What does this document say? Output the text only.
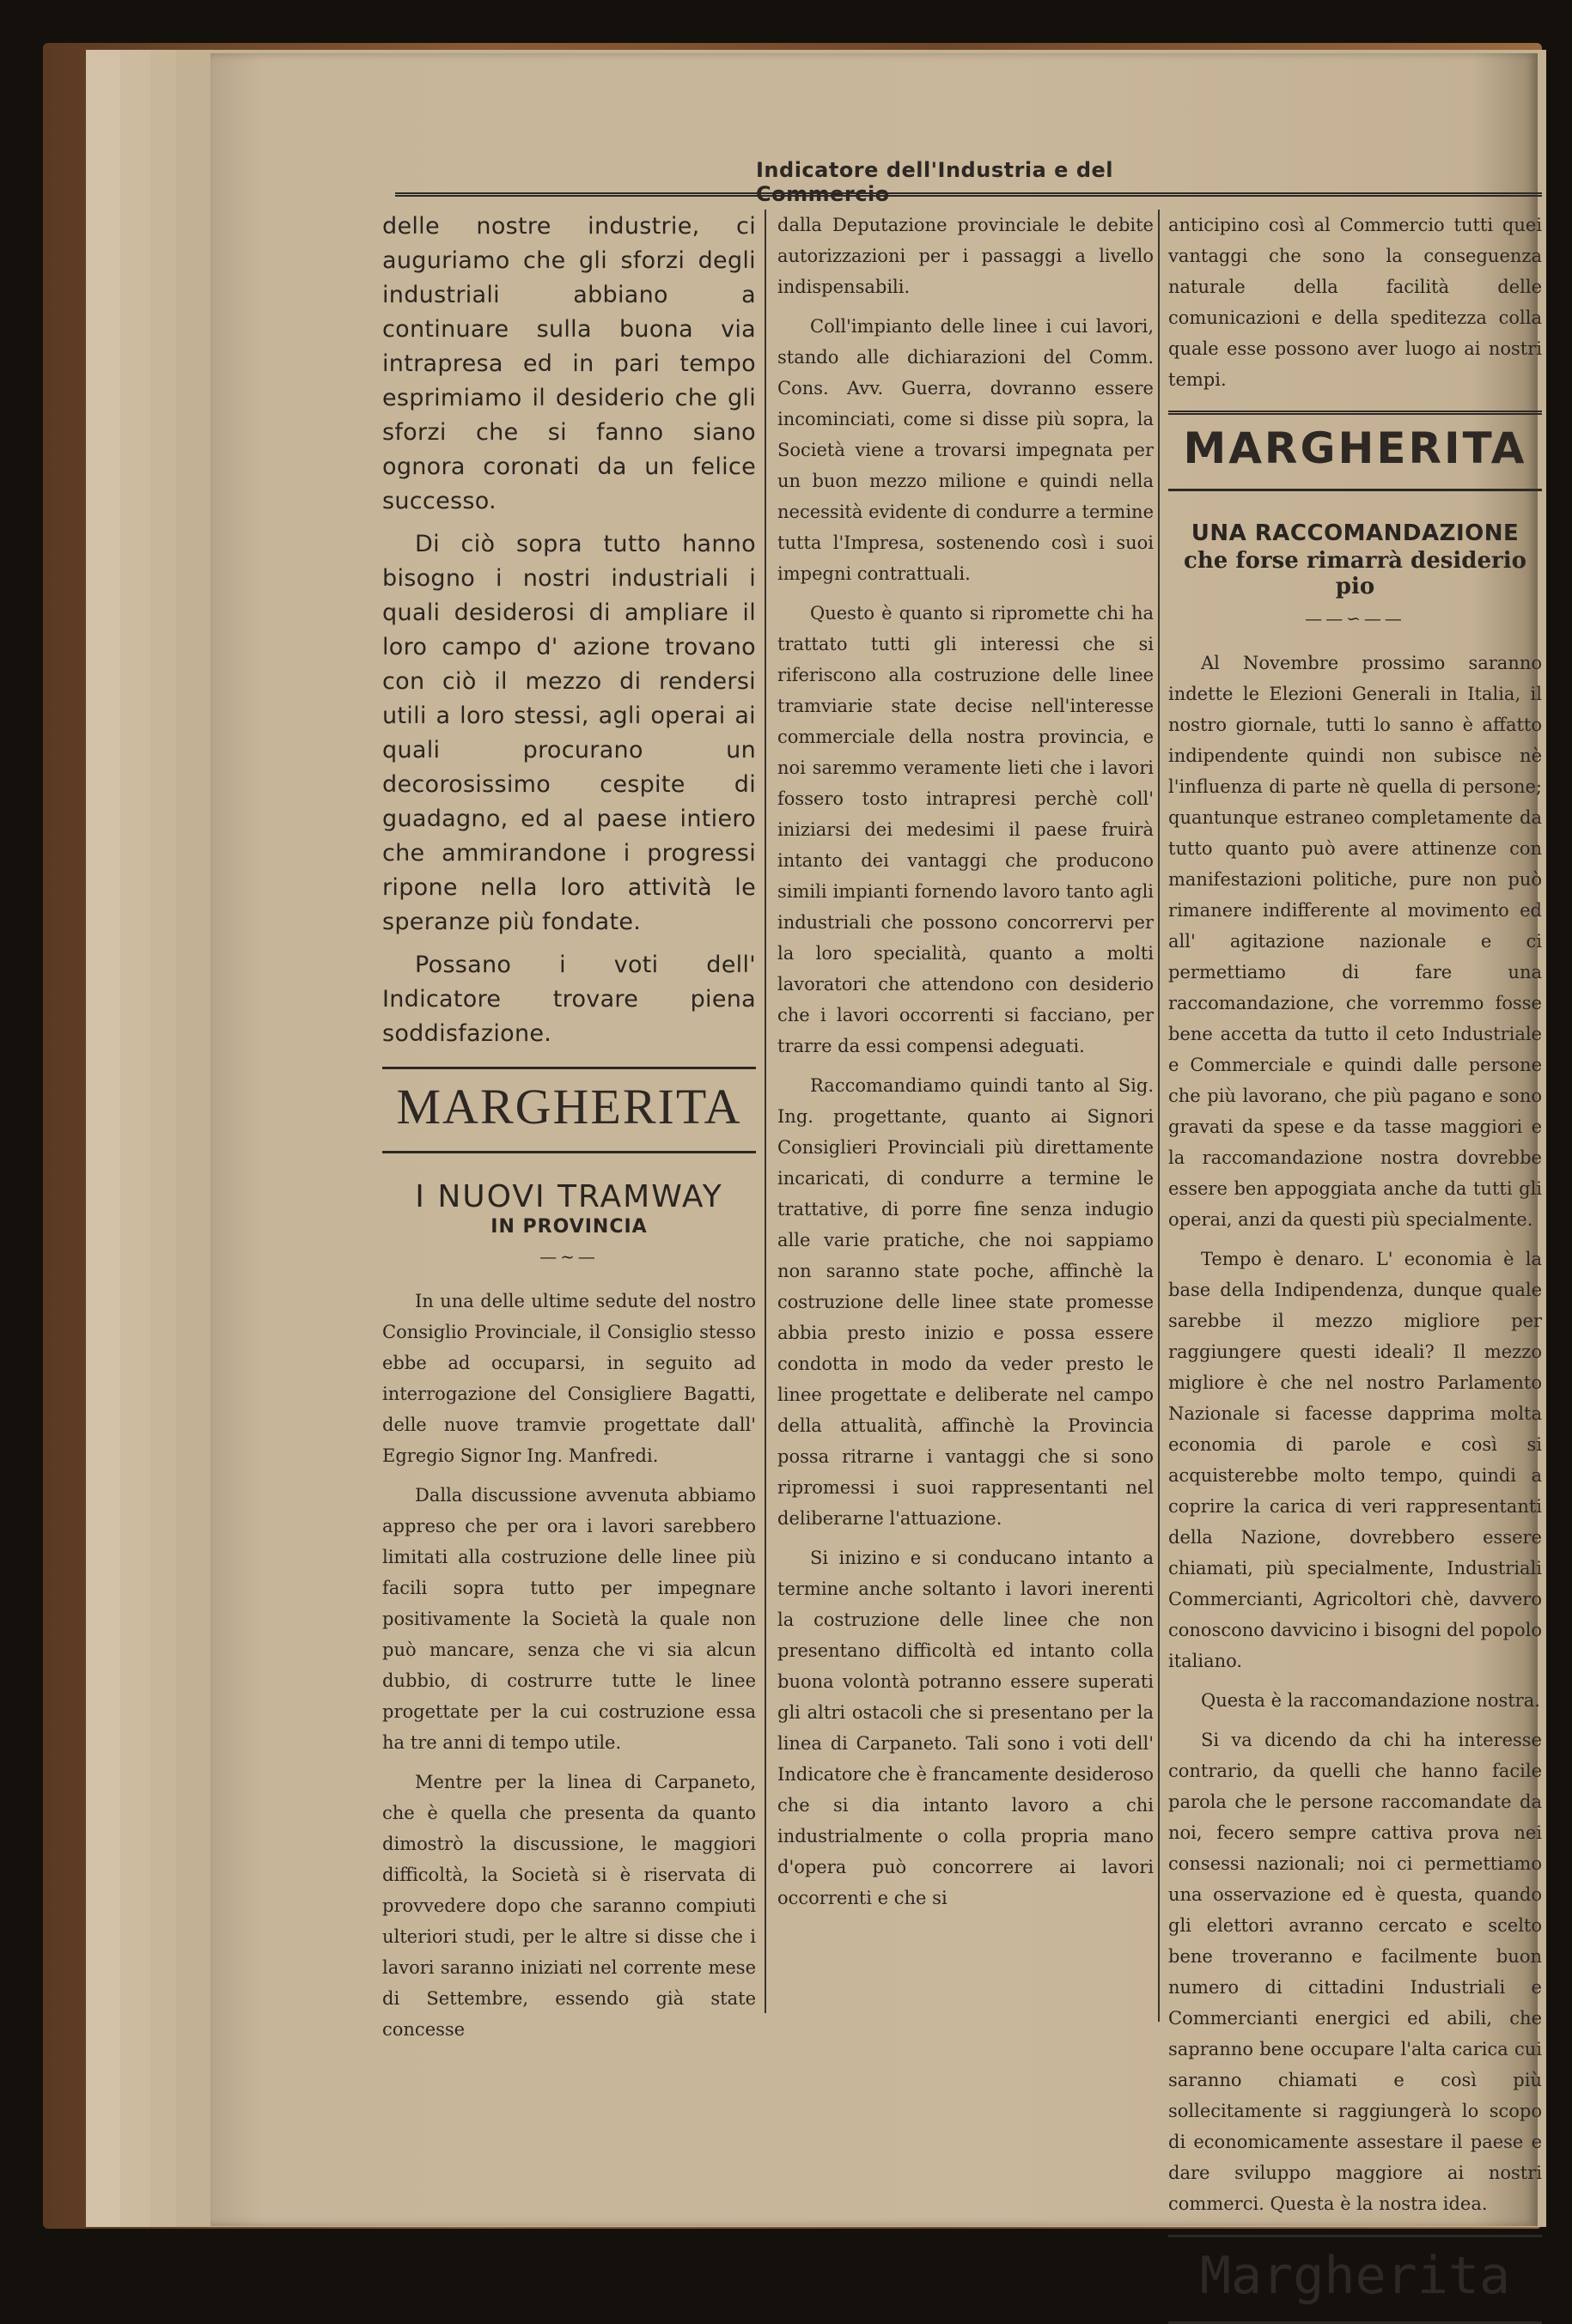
Indicatore dell'Industria e del Commercio

delle nostre industrie, ci auguriamo che gli sforzi degli industriali abbiano a continuare sulla buona via intrapresa ed in pari tempo esprimiamo il desiderio che gli sforzi che si fanno siano ognora coronati da un felice successo.

Di ciò sopra tutto hanno bisogno i nostri industriali i quali desiderosi di ampliare il loro campo d' azione trovano con ciò il mezzo di rendersi utili a loro stessi, agli operai ai quali procurano un decorosissimo cespite di guadagno, ed al paese intiero che ammirandone i progressi ripone nella loro attività le speranze più fondate.

Possano i voti dell' Indicatore trovare piena soddisfazione.

MARGHERITA
I NUOVI TRAMWAY
IN PROVINCIA
—~—

In una delle ultime sedute del nostro Consiglio Provinciale, il Consiglio stesso ebbe ad occuparsi, in seguito ad interrogazione del Consigliere Bagatti, delle nuove tramvie progettate dall' Egregio Signor Ing. Manfredi.

Dalla discussione avvenuta abbiamo appreso che per ora i lavori sarebbero limitati alla costruzione delle linee più facili sopra tutto per impegnare positivamente la Società la quale non può mancare, senza che vi sia alcun dubbio, di costrurre tutte le linee progettate per la cui costruzione essa ha tre anni di tempo utile.

Mentre per la linea di Carpaneto, che è quella che presenta da quanto dimostrò la discussione, le maggiori difficoltà, la Società si è riservata di provvedere dopo che saranno compiuti ulteriori studi, per le altre si disse che i lavori saranno iniziati nel corrente mese di Settembre, essendo già state concesse

dalla Deputazione provinciale le debite autorizzazioni per i passaggi a livello indispensabili.

Coll'impianto delle linee i cui lavori, stando alle dichiarazioni del Comm. Cons. Avv. Guerra, dovranno essere incominciati, come si disse più sopra, la Società viene a trovarsi impegnata per un buon mezzo milione e quindi nella necessità evidente di condurre a termine tutta l'Impresa, sostenendo così i suoi impegni contrattuali.

Questo è quanto si ripromette chi ha trattato tutti gli interessi che si riferiscono alla costruzione delle linee tramviarie state decise nell'interesse commerciale della nostra provincia, e noi saremmo veramente lieti che i lavori fossero tosto intrapresi perchè coll' iniziarsi dei medesimi il paese fruirà intanto dei vantaggi che producono simili impianti fornendo lavoro tanto agli industriali che possono concorrervi per la loro specialità, quanto a molti lavoratori che attendono con desiderio che i lavori occorrenti si facciano, per trarre da essi compensi adeguati.

Raccomandiamo quindi tanto al Sig. Ing. progettante, quanto ai Signori Consiglieri Provinciali più direttamente incaricati, di condurre a termine le trattative, di porre fine senza indugio alle varie pratiche, che noi sappiamo non saranno state poche, affinchè la costruzione delle linee state promesse abbia presto inizio e possa essere condotta in modo da veder presto le linee progettate e deliberate nel campo della attualità, affinchè la Provincia possa ritrarne i vantaggi che si sono ripromessi i suoi rappresentanti nel deliberarne l'attuazione.

Si inizino e si conducano intanto a termine anche soltanto i lavori inerenti la costruzione delle linee che non presentano difficoltà ed intanto colla buona volontà potranno essere superati gli altri ostacoli che si presentano per la linea di Carpaneto. Tali sono i voti dell' Indicatore che è francamente desideroso che si dia intanto lavoro a chi industrialmente o colla propria mano d'opera può concorrere ai lavori occorrenti e che si

anticipino così al Commercio tutti quei vantaggi che sono la conseguenza naturale della facilità delle comunicazioni e della speditezza colla quale esse possono aver luogo ai nostri tempi.

MARGHERITA
UNA RACCOMANDAZIONE
che forse rimarrà desiderio pio
——∽——

Al Novembre prossimo saranno indette le Elezioni Generali in Italia, il nostro giornale, tutti lo sanno è affatto indipendente quindi non subisce nè l'influenza di parte nè quella di persone; quantunque estraneo completamente da tutto quanto può avere attinenze con manifestazioni politiche, pure non può rimanere indifferente al movimento ed all' agitazione nazionale e ci permettiamo di fare una raccomandazione, che vorremmo fosse bene accetta da tutto il ceto Industriale e Commerciale e quindi dalle persone che più lavorano, che più pagano e sono gravati da spese e da tasse maggiori e la raccomandazione nostra dovrebbe essere ben appoggiata anche da tutti gli operai, anzi da questi più specialmente.

Tempo è denaro. L' economia è la base della Indipendenza, dunque quale sarebbe il mezzo migliore per raggiungere questi ideali? Il mezzo migliore è che nel nostro Parlamento Nazionale si facesse dapprima molta economia di parole e così si acquisterebbe molto tempo, quindi a coprire la carica di veri rappresentanti della Nazione, dovrebbero essere chiamati, più specialmente, Industriali Commercianti, Agricoltori chè, davvero conoscono davvicino i bisogni del popolo italiano.

Questa è la raccomandazione nostra.

Si va dicendo da chi ha interesse contrario, da quelli che hanno facile parola che le persone raccomandate da noi, fecero sempre cattiva prova nei consessi nazionali; noi ci permettiamo una osservazione ed è questa, quando gli elettori avranno cercato e scelto bene troveranno e facilmente buon numero di cittadini Industriali e Commercianti energici ed abili, che sapranno bene occupare l'alta carica cui saranno chiamati e così più sollecitamente si raggiungerà lo scopo di economicamente assestare il paese e dare sviluppo maggiore ai nostri commerci. Questa è la nostra idea.

Margherita
